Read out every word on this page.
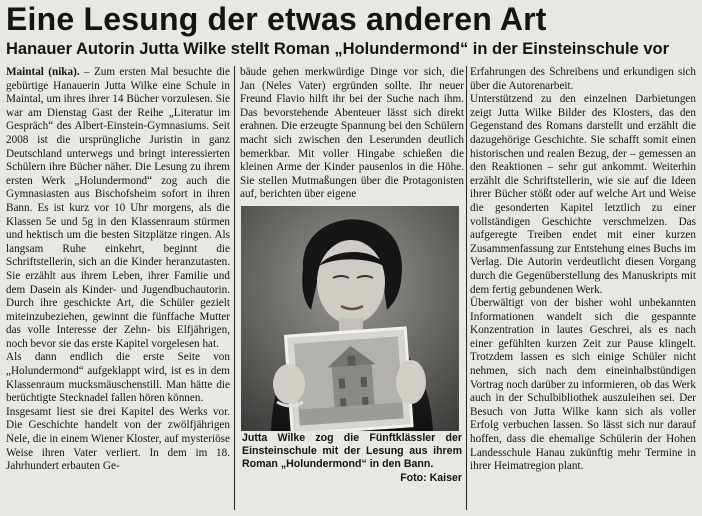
Eine Lesung der etwas anderen Art
Hanauer Autorin Jutta Wilke stellt Roman „Holundermond“ in der Einsteinschule vor

Maintal (nika). – Zum ersten Mal besuchte die gebürtige Hanauerin Jutta Wilke eine Schule in Maintal, um ihres ihrer 14 Bücher vorzulesen. Sie war am Dienstag Gast der Reihe „Literatur im Gespräch“ des Albert-Einstein-Gymnasiums. Seit 2008 ist die ursprüngliche Juristin in ganz Deutschland unterwegs und bringt interessierten Schülern ihre Bücher näher. Die Lesung zu ihrem ersten Werk „Holundermond“ zog auch die Gymnasiasten aus Bischofsheim sofort in ihren Bann. Es ist kurz vor 10 Uhr morgens, als die Klassen 5e und 5g in den Klassenraum stürmen und hektisch um die besten Sitzplätze ringen. Als langsam Ruhe einkehrt, beginnt die Schriftstellerin, sich an die Kinder heranzutasten. Sie erzählt aus ihrem Leben, ihrer Familie und dem Dasein als Kinder- und Jugendbuchautorin. Durch ihre geschickte Art, die Schüler gezielt miteinzubeziehen, gewinnt die fünffache Mutter das volle Interesse der Zehn- bis Elfjährigen, noch bevor sie das erste Kapitel vorgelesen hat.

Als dann endlich die erste Seite von „Holundermond“ aufgeklappt wird, ist es in dem Klassenraum mucksmäuschenstill. Man hätte die berüchtigte Stecknadel fallen hören können.

Insgesamt liest sie drei Kapitel des Werks vor. Die Geschichte handelt von der zwölfjährigen Nele, die in einem Wiener Kloster, auf mysteriöse Weise ihren Vater verliert. In dem im 18. Jahrhundert erbauten Ge-

bäude gehen merkwürdige Dinge vor sich, die Jan (Neles Vater) ergründen sollte. Ihr neuer Freund Flavio hilft ihr bei der Suche nach ihm. Das bevorstehende Abenteuer lässt sich direkt erahnen. Die erzeugte Spannung bei den Schülern macht sich zwischen den Leserunden deutlich bemerkbar. Mit voller Hingabe schießen die kleinen Arme der Kinder pausenlos in die Höhe. Sie stellen Mutmaßungen über die Protagonisten auf, berichten über eigene

Jutta Wilke zog die Fünftklässler der Einsteinschule mit der Lesung aus ihrem Roman „Holundermond“ in den Bann.
Foto: Kaiser

Erfahrungen des Schreibens und erkundigen sich über die Autorenarbeit.

Unterstützend zu den einzelnen Darbietungen zeigt Jutta Wilke Bilder des Klosters, das den Gegenstand des Romans darstellt und erzählt die dazugehörige Geschichte. Sie schafft somit einen historischen und realen Bezug, der – gemessen an den Reaktionen – sehr gut ankommt. Weiterhin erzählt die Schriftstellerin, wie sie auf die Ideen ihrer Bücher stößt oder auf welche Art und Weise die gesonderten Kapitel letztlich zu einer vollständigen Geschichte verschmelzen. Das aufgeregte Treiben endet mit einer kurzen Zusammenfassung zur Entstehung eines Buchs im Verlag. Die Autorin verdeutlicht diesen Vorgang durch die Gegenüberstellung des Manuskripts mit dem fertig gebundenen Werk.

Überwältigt von der bisher wohl unbekannten Informationen wandelt sich die gespannte Konzentration in lautes Geschrei, als es nach einer gefühlten kurzen Zeit zur Pause klingelt. Trotzdem lassen es sich einige Schüler nicht nehmen, sich nach dem eineinhalbstündigen Vortrag noch darüber zu informieren, ob das Werk auch in der Schulbibliothek auszuleihen sei. Der Besuch von Jutta Wilke kann sich als voller Erfolg verbuchen lassen. So lässt sich nur darauf hoffen, dass die ehemalige Schülerin der Hohen Landesschule Hanau zukünftig mehr Termine in ihrer Heimatregion plant.
